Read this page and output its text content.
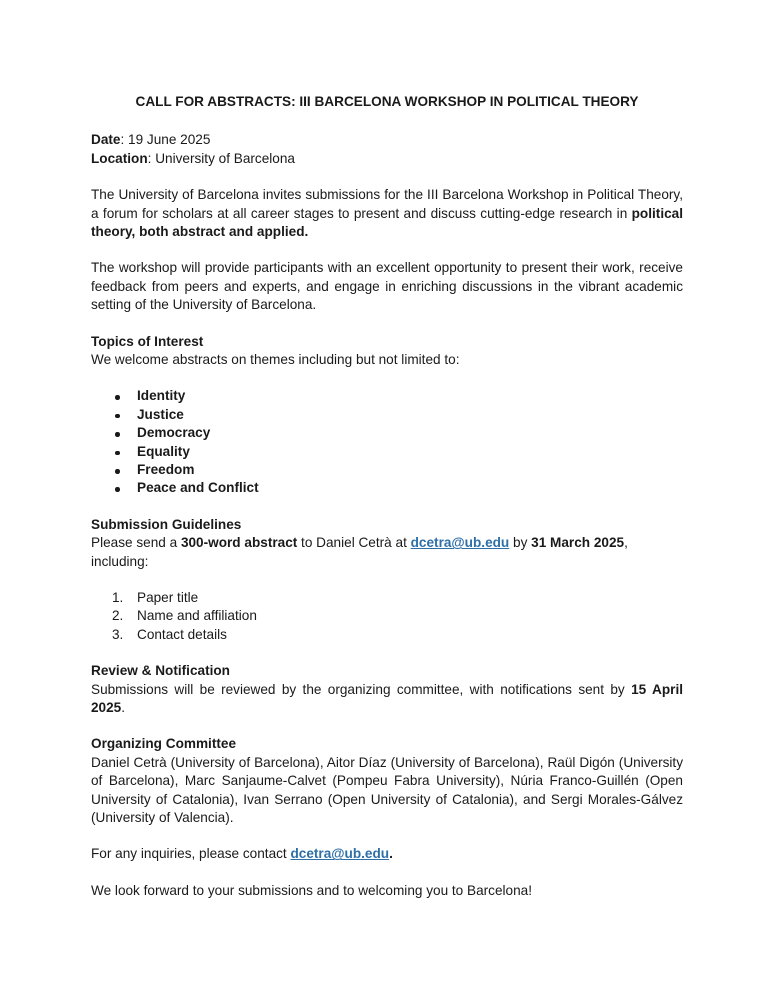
CALL FOR ABSTRACTS: III BARCELONA WORKSHOP IN POLITICAL THEORY

Date: 19 June 2025

Location: University of Barcelona

The University of Barcelona invites submissions for the III Barcelona Workshop in Political Theory, a forum for scholars at all career stages to present and discuss cutting-edge research in political theory, both abstract and applied.

The workshop will provide participants with an excellent opportunity to present their work, receive feedback from peers and experts, and engage in enriching discussions in the vibrant academic setting of the University of Barcelona.

Topics of Interest

We welcome abstracts on themes including but not limited to:

Identity
Justice
Democracy
Equality
Freedom
Peace and Conflict

Submission Guidelines

Please send a 300-word abstract to Daniel Cetrà at dcetra@ub.edu by 31 March 2025,

including:

1. Paper title
2. Name and affiliation
3. Contact details

Review & Notification

Submissions will be reviewed by the organizing committee, with notifications sent by 15 April 2025.

Organizing Committee

Daniel Cetrà (University of Barcelona), Aitor Díaz (University of Barcelona), Raül Digón (University of Barcelona), Marc Sanjaume-Calvet (Pompeu Fabra University), Núria Franco-Guillén (Open University of Catalonia), Ivan Serrano (Open University of Catalonia), and Sergi Morales-Gálvez (University of Valencia).

For any inquiries, please contact dcetra@ub.edu.

We look forward to your submissions and to welcoming you to Barcelona!
